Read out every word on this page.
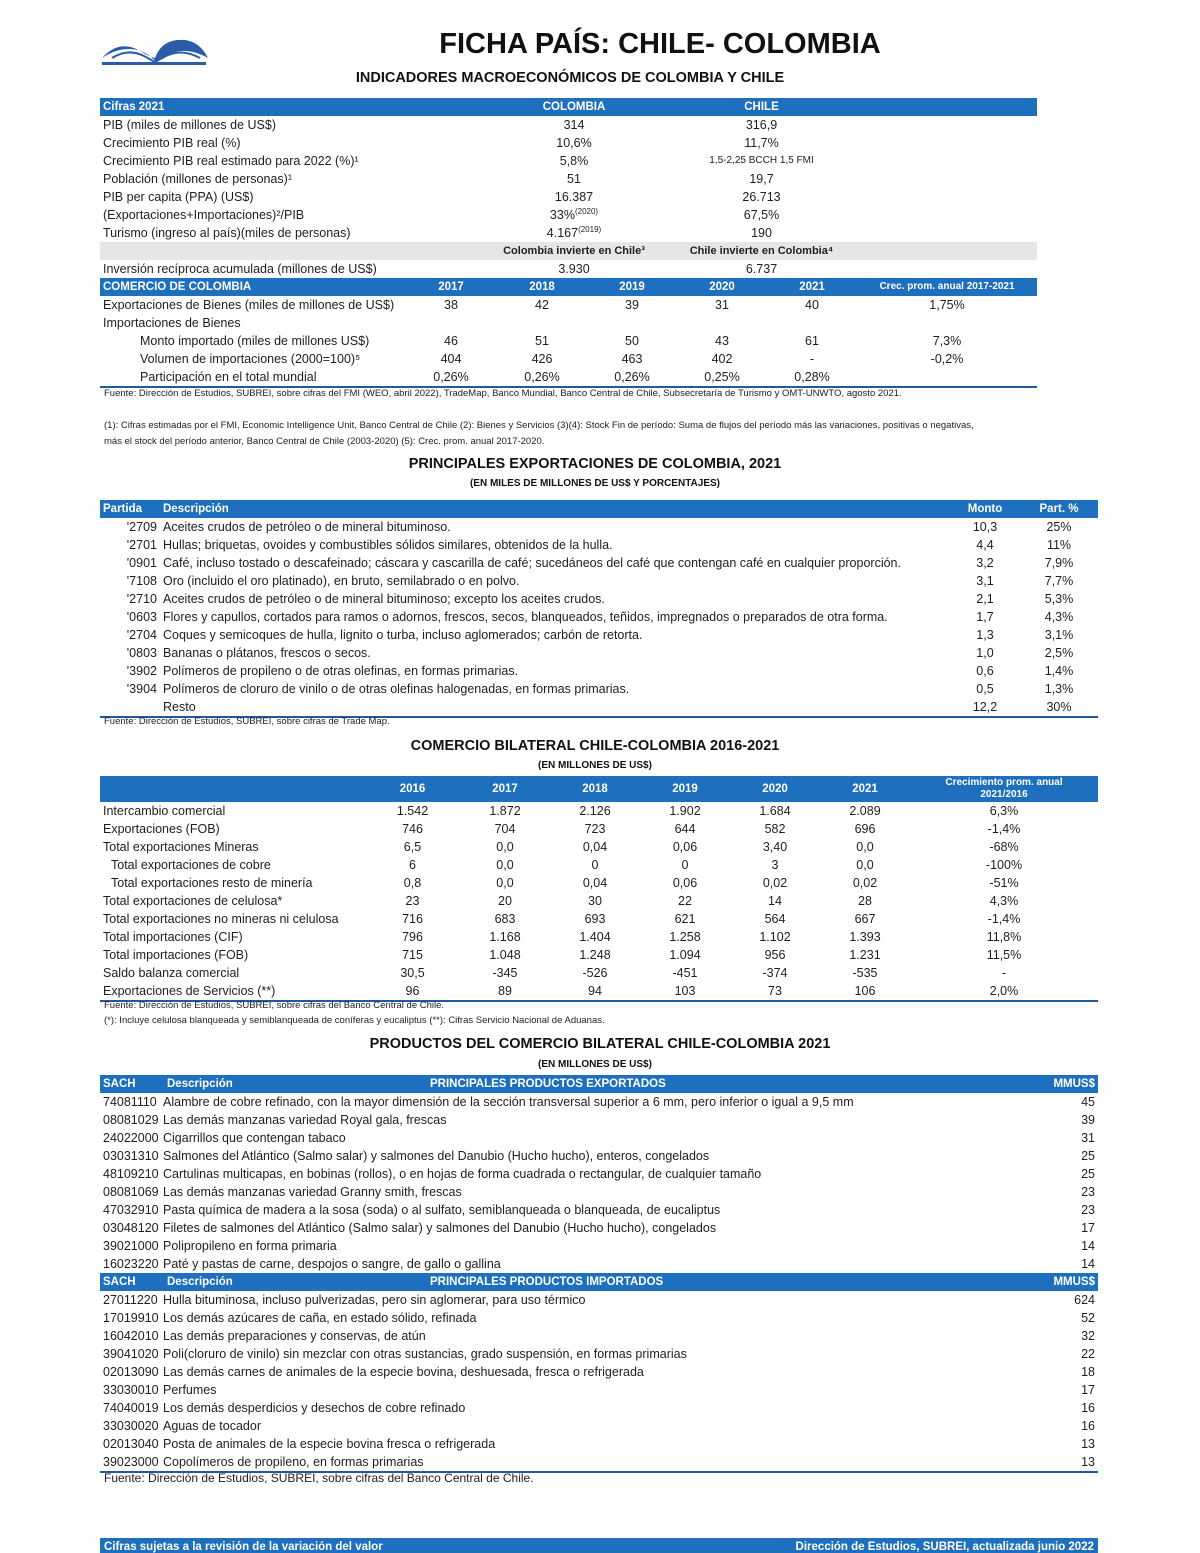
· · ·
FICHA PAÍS: CHILE- COLOMBIA
INDICADORES MACROECONÓMICOS DE COLOMBIA Y CHILE
Cifras 2021	COLOMBIA	CHILE
PIB (miles de millones de US$)	314	316,9
Crecimiento PIB real (%)	10,6%	11,7%
Crecimiento PIB real estimado para 2022 (%)¹	5,8%	1,5-2,25 BCCH 1,5 FMI
Población (millones de personas)¹	51	19,7
PIB per capita (PPA) (US$)	16.387	26.713
(Exportaciones+Importaciones)²/PIB	33%$^{(2020)}$	67,5%
Turismo (ingreso al país)(miles de personas)	$4.167^{(2019)}$	190
	Colombia invierte en Chile³	Chile invierte en Colombia⁴
Inversión recíproca acumulada (millones de US$)	3.930	6.737
COMERCIO DE COLOMBIA	2017	2018	2019	2020	2021	Crec. prom. anual 2017-2021
Exportaciones de Bienes (miles de millones de US$)	38	42	39	31	40	1,75%
Importaciones de Bienes						
Monto importado (miles de millones US$)	46	51	50	43	61	7,3%
Volumen de importaciones (2000=100)⁵	404	426	463	402	-	-0,2%
Participación en el total mundial	0,26%	0,26%	0,26%	0,25%	0,28%	
Fuente: Dirección de Estudios, SUBREI, sobre cifras del FMI (WEO, abril 2022), TradeMap, Banco Mundial, Banco Central de Chile, Subsecretaría de Turismo y OMT-UNWTO, agosto 2021.
(1): Cifras estimadas por el FMI, Economic Intelligence Unit, Banco Central de Chile (2): Bienes y Servicios (3)(4): Stock Fin de período: Suma de flujos del período más las variaciones, positivas o negativas,
más el stock del período anterior, Banco Central de Chile (2003-2020) (5): Crec. prom. anual 2017-2020.
PRINCIPALES EXPORTACIONES DE COLOMBIA, 2021
(EN MILES DE MILLONES DE US$ Y PORCENTAJES)
Partida	Descripción	Monto	Part. %
'2709	Aceites crudos de petróleo o de mineral bituminoso.	10,3	25%
'2701	Hullas; briquetas, ovoides y combustibles sólidos similares, obtenidos de la hulla.	4,4	11%
'0901	Café, incluso tostado o descafeinado; cáscara y cascarilla de café; sucedáneos del café que contengan café en cualquier proporción.	3,2	7,9%
'7108	Oro (incluido el oro platinado), en bruto, semilabrado o en polvo.	3,1	7,7%
'2710	Aceites crudos de petróleo o de mineral bituminoso; excepto los aceites crudos.	2,1	5,3%
'0603	Flores y capullos, cortados para ramos o adornos, frescos, secos, blanqueados, teñidos, impregnados o preparados de otra forma.	1,7	4,3%
'2704	Coques y semicoques de hulla, lignito o turba, incluso aglomerados; carbón de retorta.	1,3	3,1%
'0803	Bananas o plátanos, frescos o secos.	1,0	2,5%
'3902	Polímeros de propileno o de otras olefinas, en formas primarias.	0,6	1,4%
'3904	Polímeros de cloruro de vinilo o de otras olefinas halogenadas, en formas primarias.	0,5	1,3%
	Resto	12,2	30%
Fuente: Dirección de Estudios, SUBREI, sobre cifras de Trade Map.
COMERCIO BILATERAL CHILE-COLOMBIA 2016-2021
(EN MILLONES DE US$)
	2016	2017	2018	2019	2020	2021	Crecimiento prom. anual
2021/2016

Intercambio comercial	1.542	1.872	2.126	1.902	1.684	2.089	6,3%
Exportaciones (FOB)	746	704	723	644	582	696	-1,4%
Total exportaciones Mineras	6,5	0,0	0,04	0,06	3,40	0,0	-68%
Total exportaciones de cobre	6	0,0	0	0	3	0,0	-100%
Total exportaciones resto de minería	0,8	0,0	0,04	0,06	0,02	0,02	-51%
Total exportaciones de celulosa*	23	20	30	22	14	28	4,3%
Total exportaciones no mineras ni celulosa	716	683	693	621	564	667	-1,4%
Total importaciones (CIF)	796	1.168	1.404	1.258	1.102	1.393	11,8%
Total importaciones (FOB)	715	1.048	1.248	1.094	956	1.231	11,5%
Saldo balanza comercial	30,5	-345	-526	-451	-374	-535	-
Exportaciones de Servicios (**)	96	89	94	103	73	106	2,0%
Fuente: Dirección de Estudios, SUBREI, sobre cifras del Banco Central de Chile.
(*): Incluye celulosa blanqueada y semiblanqueada de coníferas y eucaliptus (**): Cifras Servicio Nacional de Aduanas.
PRODUCTOS DEL COMERCIO BILATERAL CHILE-COLOMBIA 2021
(EN MILLONES DE US$)
SACH	Descripción PRINCIPALES PRODUCTOS EXPORTADOS	MMUS$
74081110	Alambre de cobre refinado, con la mayor dimensión de la sección transversal superior a 6 mm, pero inferior o igual a 9,5 mm	45
08081029	Las demás manzanas variedad Royal gala, frescas	39
24022000	Cigarrillos que contengan tabaco	31
03031310	Salmones del Atlántico (Salmo salar) y salmones del Danubio (Hucho hucho), enteros, congelados	25
48109210	Cartulinas multicapas, en bobinas (rollos), o en hojas de forma cuadrada o rectangular, de cualquier tamaño	25
08081069	Las demás manzanas variedad Granny smith, frescas	23
47032910	Pasta química de madera a la sosa (soda) o al sulfato, semiblanqueada o blanqueada, de eucaliptus	23
03048120	Filetes de salmones del Atlántico (Salmo salar) y salmones del Danubio (Hucho hucho), congelados	17
39021000	Polipropileno en forma primaria	14
16023220	Paté y pastas de carne, despojos o sangre, de gallo o gallina	14
SACH	Descripción PRINCIPALES PRODUCTOS IMPORTADOS	MMUS$
27011220	Hulla bituminosa, incluso pulverizadas, pero sin aglomerar, para uso térmico	624
17019910	Los demás azúcares de caña, en estado sólido, refinada	52
16042010	Las demás preparaciones y conservas, de atún	32
39041020	Poli(cloruro de vinilo) sin mezclar con otras sustancias, grado suspensión, en formas primarias	22
02013090	Las demás carnes de animales de la especie bovina, deshuesada, fresca o refrigerada	18
33030010	Perfumes	17
74040019	Los demás desperdicios y desechos de cobre refinado	16
33030020	Aguas de tocador	16
02013040	Posta de animales de la especie bovina fresca o refrigerada	13
39023000	Copolímeros de propileno, en formas primarias	13
Fuente: Dirección de Estudios, SUBREI, sobre cifras del Banco Central de Chile.
Cifras sujetas a la revisión de la variación del valor	Dirección de Estudios, SUBREI, actualizada junio 2022
